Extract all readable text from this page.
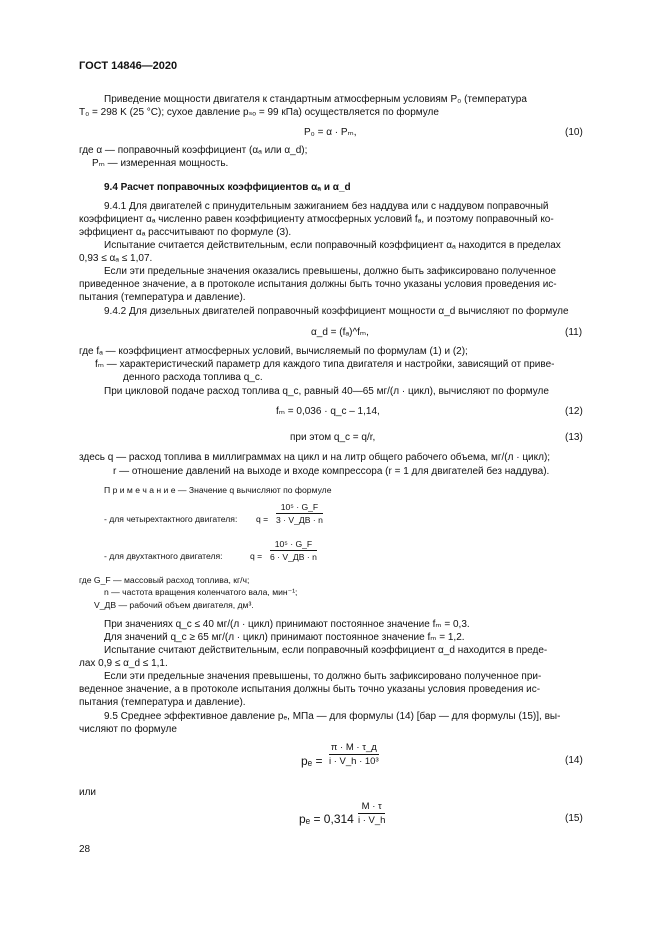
ГОСТ 14846—2020
Приведение мощности двигателя к стандартным атмосферным условиям P₀ (температура
T₀ = 298 K (25 °C); сухое давление pₛₒ = 99 кПа) осуществляется по формуле
P₀ = α · Pₘ,	(10)
где α — поправочный коэффициент (αₐ или α_d);
Pₘ — измеренная мощность.
9.4 Расчет поправочных коэффициентов αₐ и α_d
9.4.1 Для двигателей с принудительным зажиганием без наддува или с наддувом поправочный
коэффициент αₐ численно равен коэффициенту атмосферных условий fₐ, и поэтому поправочный ко-
эффициент αₐ рассчитывают по формуле (3).
Испытание считается действительным, если поправочный коэффициент αₐ находится в пределах
0,93 ≤ αₐ ≤ 1,07.
Если эти предельные значения оказались превышены, должно быть зафиксировано полученное
приведенное значение, а в протоколе испытания должны быть точно указаны условия проведения ис-
пытания (температура и давление).
9.4.2 Для дизельных двигателей поправочный коэффициент мощности α_d вычисляют по формуле
α_d = (fₐ)^fₘ,	(11)
где fₐ — коэффициент атмосферных условий, вычисляемый по формулам (1) и (2);
fₘ — характеристический параметр для каждого типа двигателя и настройки, зависящий от приве-
денного расхода топлива q_c.
При цикловой подаче расход топлива q_c, равный 40—65 мг/(л · цикл), вычисляют по формуле
fₘ = 0,036 · q_c – 1,14,	(12)
при этом q_c = q/r,	(13)
здесь q — расход топлива в миллиграммах на цикл и на литр общего рабочего объема, мг/(л · цикл);
r — отношение давлений на выходе и входе компрессора (r = 1 для двигателей без наддува).
П р и м е ч а н и е — Значение q вычисляют по формуле
- для четырехтактного двигателя: q =
10⁵ · G_F
3 · V_ДВ · n
- для двухтактного двигателя:	q =
10⁵ · G_F
6 · V_ДВ · n
где G_F — массовый расход топлива, кг/ч;
n — частота вращения коленчатого вала, мин⁻¹;
V_ДВ — рабочий объем двигателя, дм³.
При значениях q_c ≤ 40 мг/(л · цикл) принимают постоянное значение fₘ = 0,3.
Для значений q_c ≥ 65 мг/(л · цикл) принимают постоянное значение fₘ = 1,2.
Испытание считают действительным, если поправочный коэффициент α_d находится в преде-
лах 0,9 ≤ α_d ≤ 1,1.
Если эти предельные значения превышены, то должно быть зафиксировано полученное при-
веденное значение, а в протоколе испытания должны быть точно указаны условия проведения ис-
пытания (температура и давление).
9.5 Среднее эффективное давление pₑ, МПа — для формулы (14) [бар — для формулы (15)], вы-
числяют по формуле
pₑ =
π · M · τ_д
i · V_h · 10³	(14)
или
pₑ = 0,314
M · τ
i · V_h	(15)
28
